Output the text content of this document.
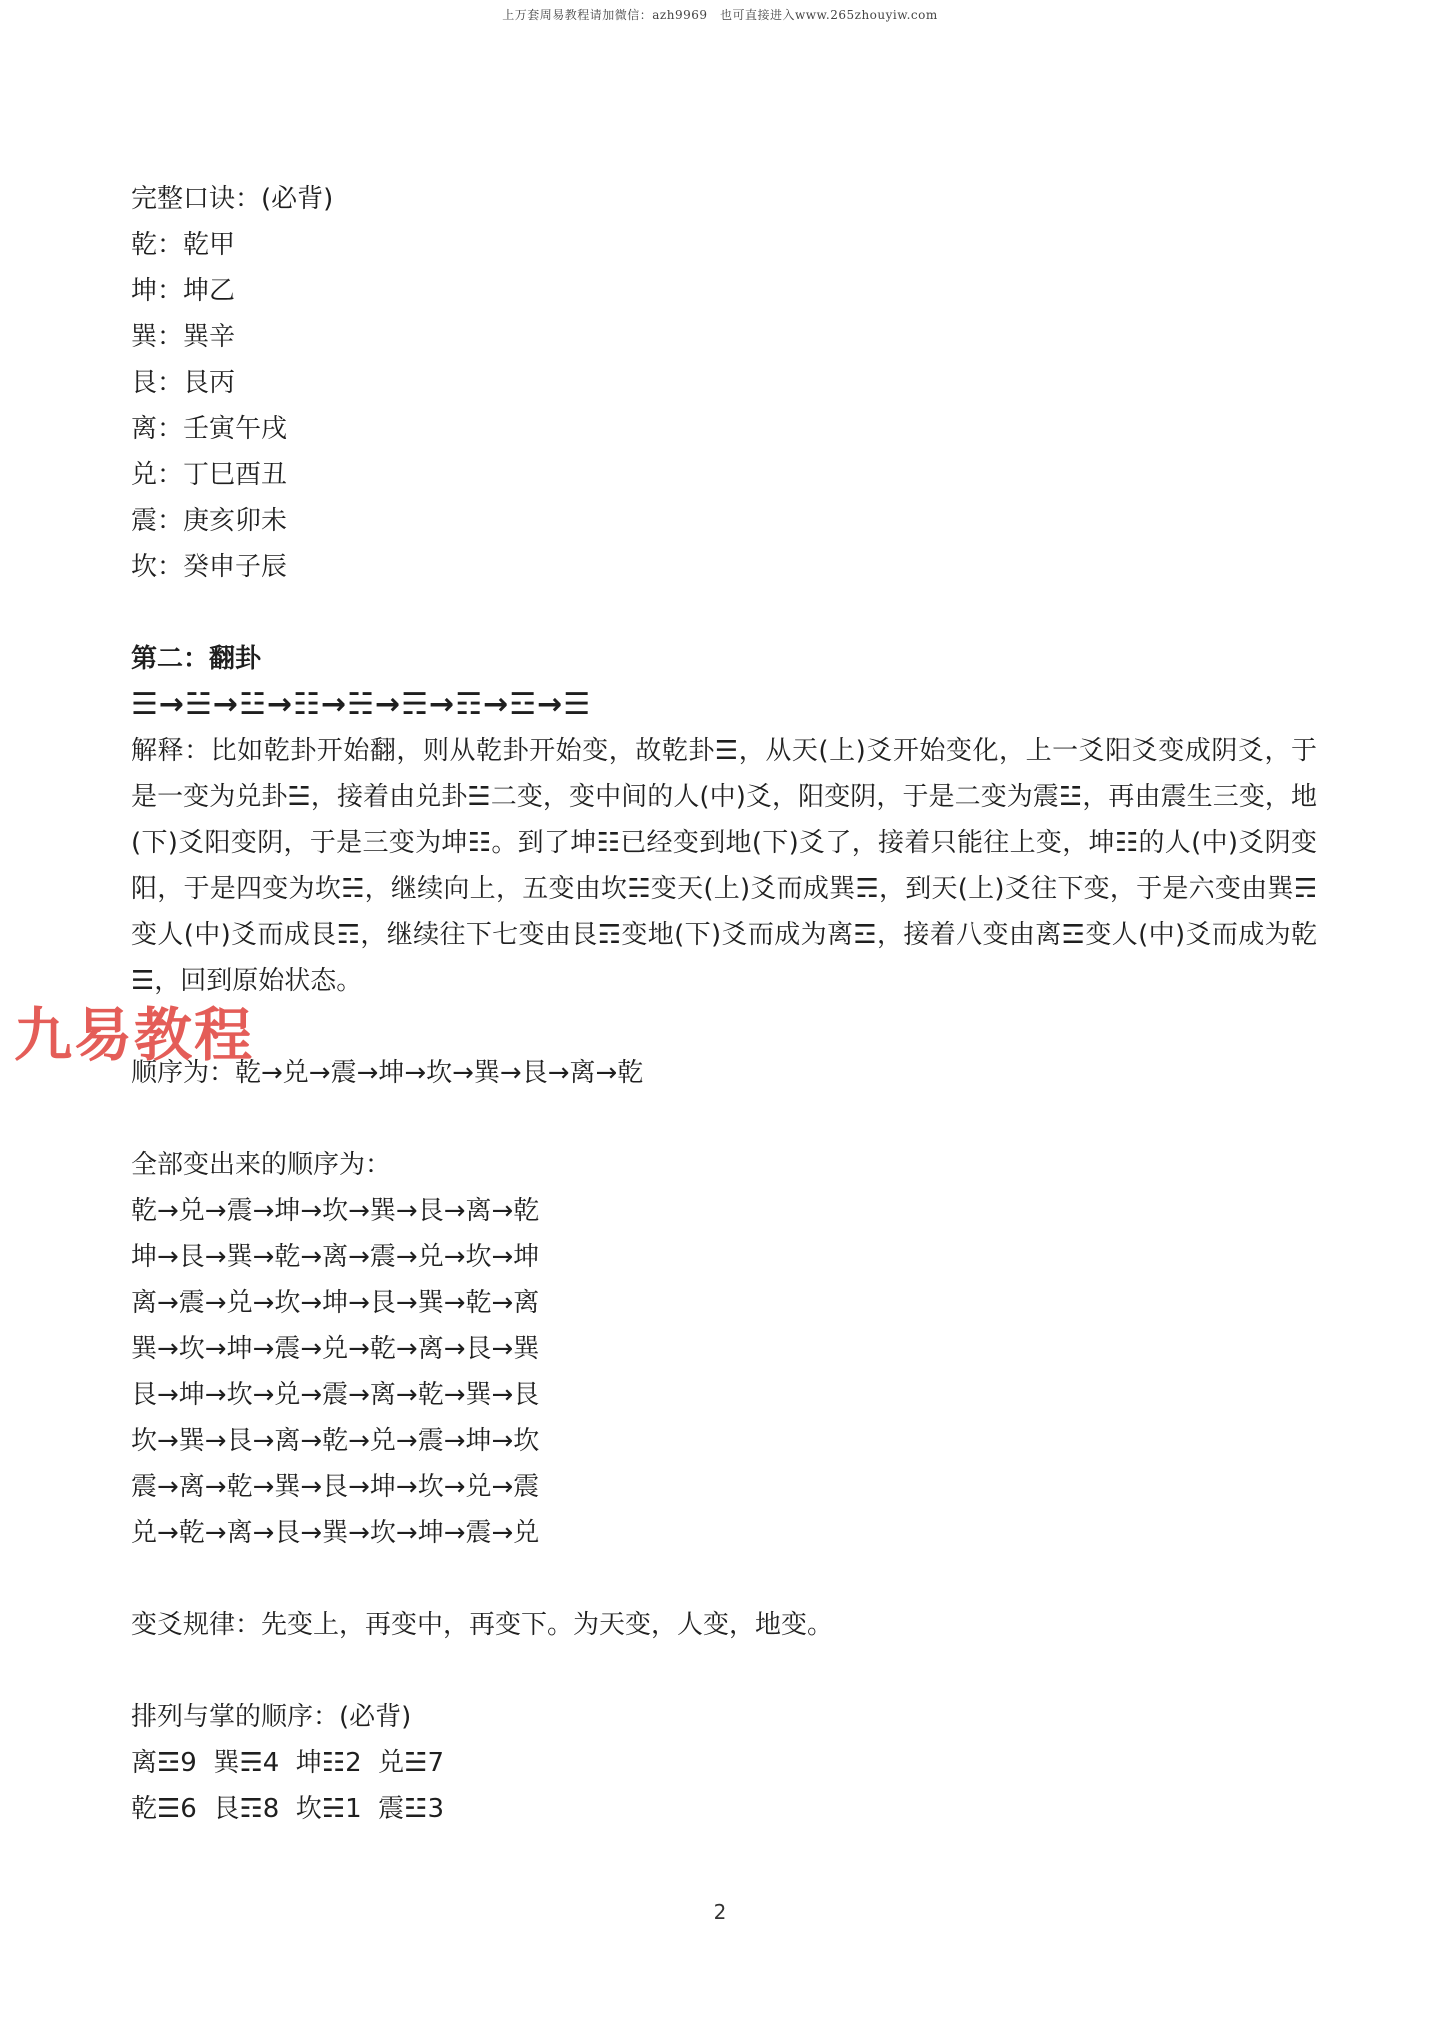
上万套周易教程请加微信：azh9969　也可直接进入www.265zhouyiw.com
完整口诀：(必背)
乾：乾甲
坤：坤乙
巽：巽辛
艮：艮丙
离：壬寅午戌
兑：丁巳酉丑
震：庚亥卯未
坎：癸申子辰
第二：翻卦
☰→☱→☳→☷→☵→☴→☶→☲→☰
解释：比如乾卦开始翻，则从乾卦开始变，故乾卦☰，从天(上)爻开始变化，上一爻阳爻变成阴爻，于是一变为兑卦☱，接着由兑卦☱二变，变中间的人(中)爻，阳变阴，于是二变为震☳，再由震生三变，地(下)爻阳变阴，于是三变为坤☷。到了坤☷已经变到地(下)爻了，接着只能往上变，坤☷的人(中)爻阴变阳，于是四变为坎☵，继续向上，五变由坎☵变天(上)爻而成巽☴，到天(上)爻往下变，于是六变由巽☴变人(中)爻而成艮☶，继续往下七变由艮☶变地(下)爻而成为离☲，接着八变由离☲变人(中)爻而成为乾☰，回到原始状态。
顺序为：乾→兑→震→坤→坎→巽→艮→离→乾
全部变出来的顺序为：
乾→兑→震→坤→坎→巽→艮→离→乾
坤→艮→巽→乾→离→震→兑→坎→坤
离→震→兑→坎→坤→艮→巽→乾→离
巽→坎→坤→震→兑→乾→离→艮→巽
艮→坤→坎→兑→震→离→乾→巽→艮
坎→巽→艮→离→乾→兑→震→坤→坎
震→离→乾→巽→艮→坤→坎→兑→震
兑→乾→离→艮→巽→坎→坤→震→兑
变爻规律：先变上，再变中，再变下。为天变，人变，地变。
排列与掌的顺序：(必背)
离☲9  巽☴4  坤☷2  兑☱7
乾☰6  艮☶8  坎☵1  震☳3
九易教程
2
